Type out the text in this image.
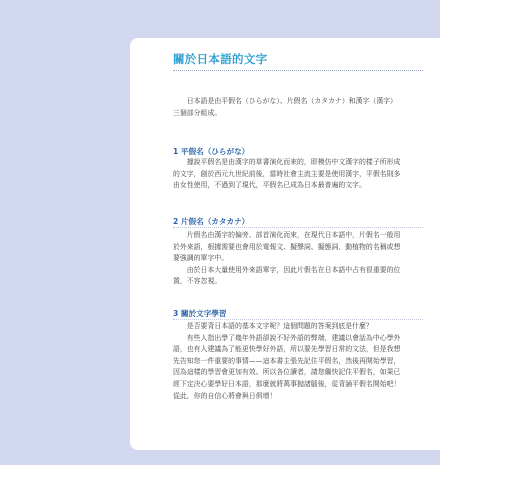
關於日本語的文字
　　日本語是由平假名（ひらがな）、片假名（カタカナ）和漢字（漢字）
三個部分組成。
1 平假名（ひらがな）
　　據說平假名是由漢字的草書演化而來的，即模仿中文漢字的樣子所形成
的文字，創於西元九世紀前後，當時社會主流主要是使用漢字，平假名則多
由女性使用，不過到了現代，平假名已成為日本最普遍的文字。
2 片假名（カタカナ）
　　片假名由漢字的偏旁、部首演化而來，在現代日本語中，片假名一般用
於外來語，根據需要也會用於電報文、擬聲詞、擬態詞、動植物的名稱或想
要強調的單字中。
　　由於日本大量使用外來語單字，因此片假名在日本語中占有很重要的位
置，不容忽視。
3 關於文字學習
　　是否要背日本語的基本文字呢？這個問題的答案到底是什麼？
　　有些人指出學了幾年外語卻說不好外語的弊端，建議以會話為中心學外
語，也有人建議為了能更快學好外語，所以要先學習日常的文法，但是我想
先告知您一件重要的事情——這本書主張先記住平假名，然後再開始學習，
因為這樣的學習會更加有效。所以各位讀者，請您繼快記住平假名，如果已
經下定決心要學好日本語，那麼就將萬事抛諸腦後，從背誦平假名開始吧！
從此，你的自信心將會與日俱增！
